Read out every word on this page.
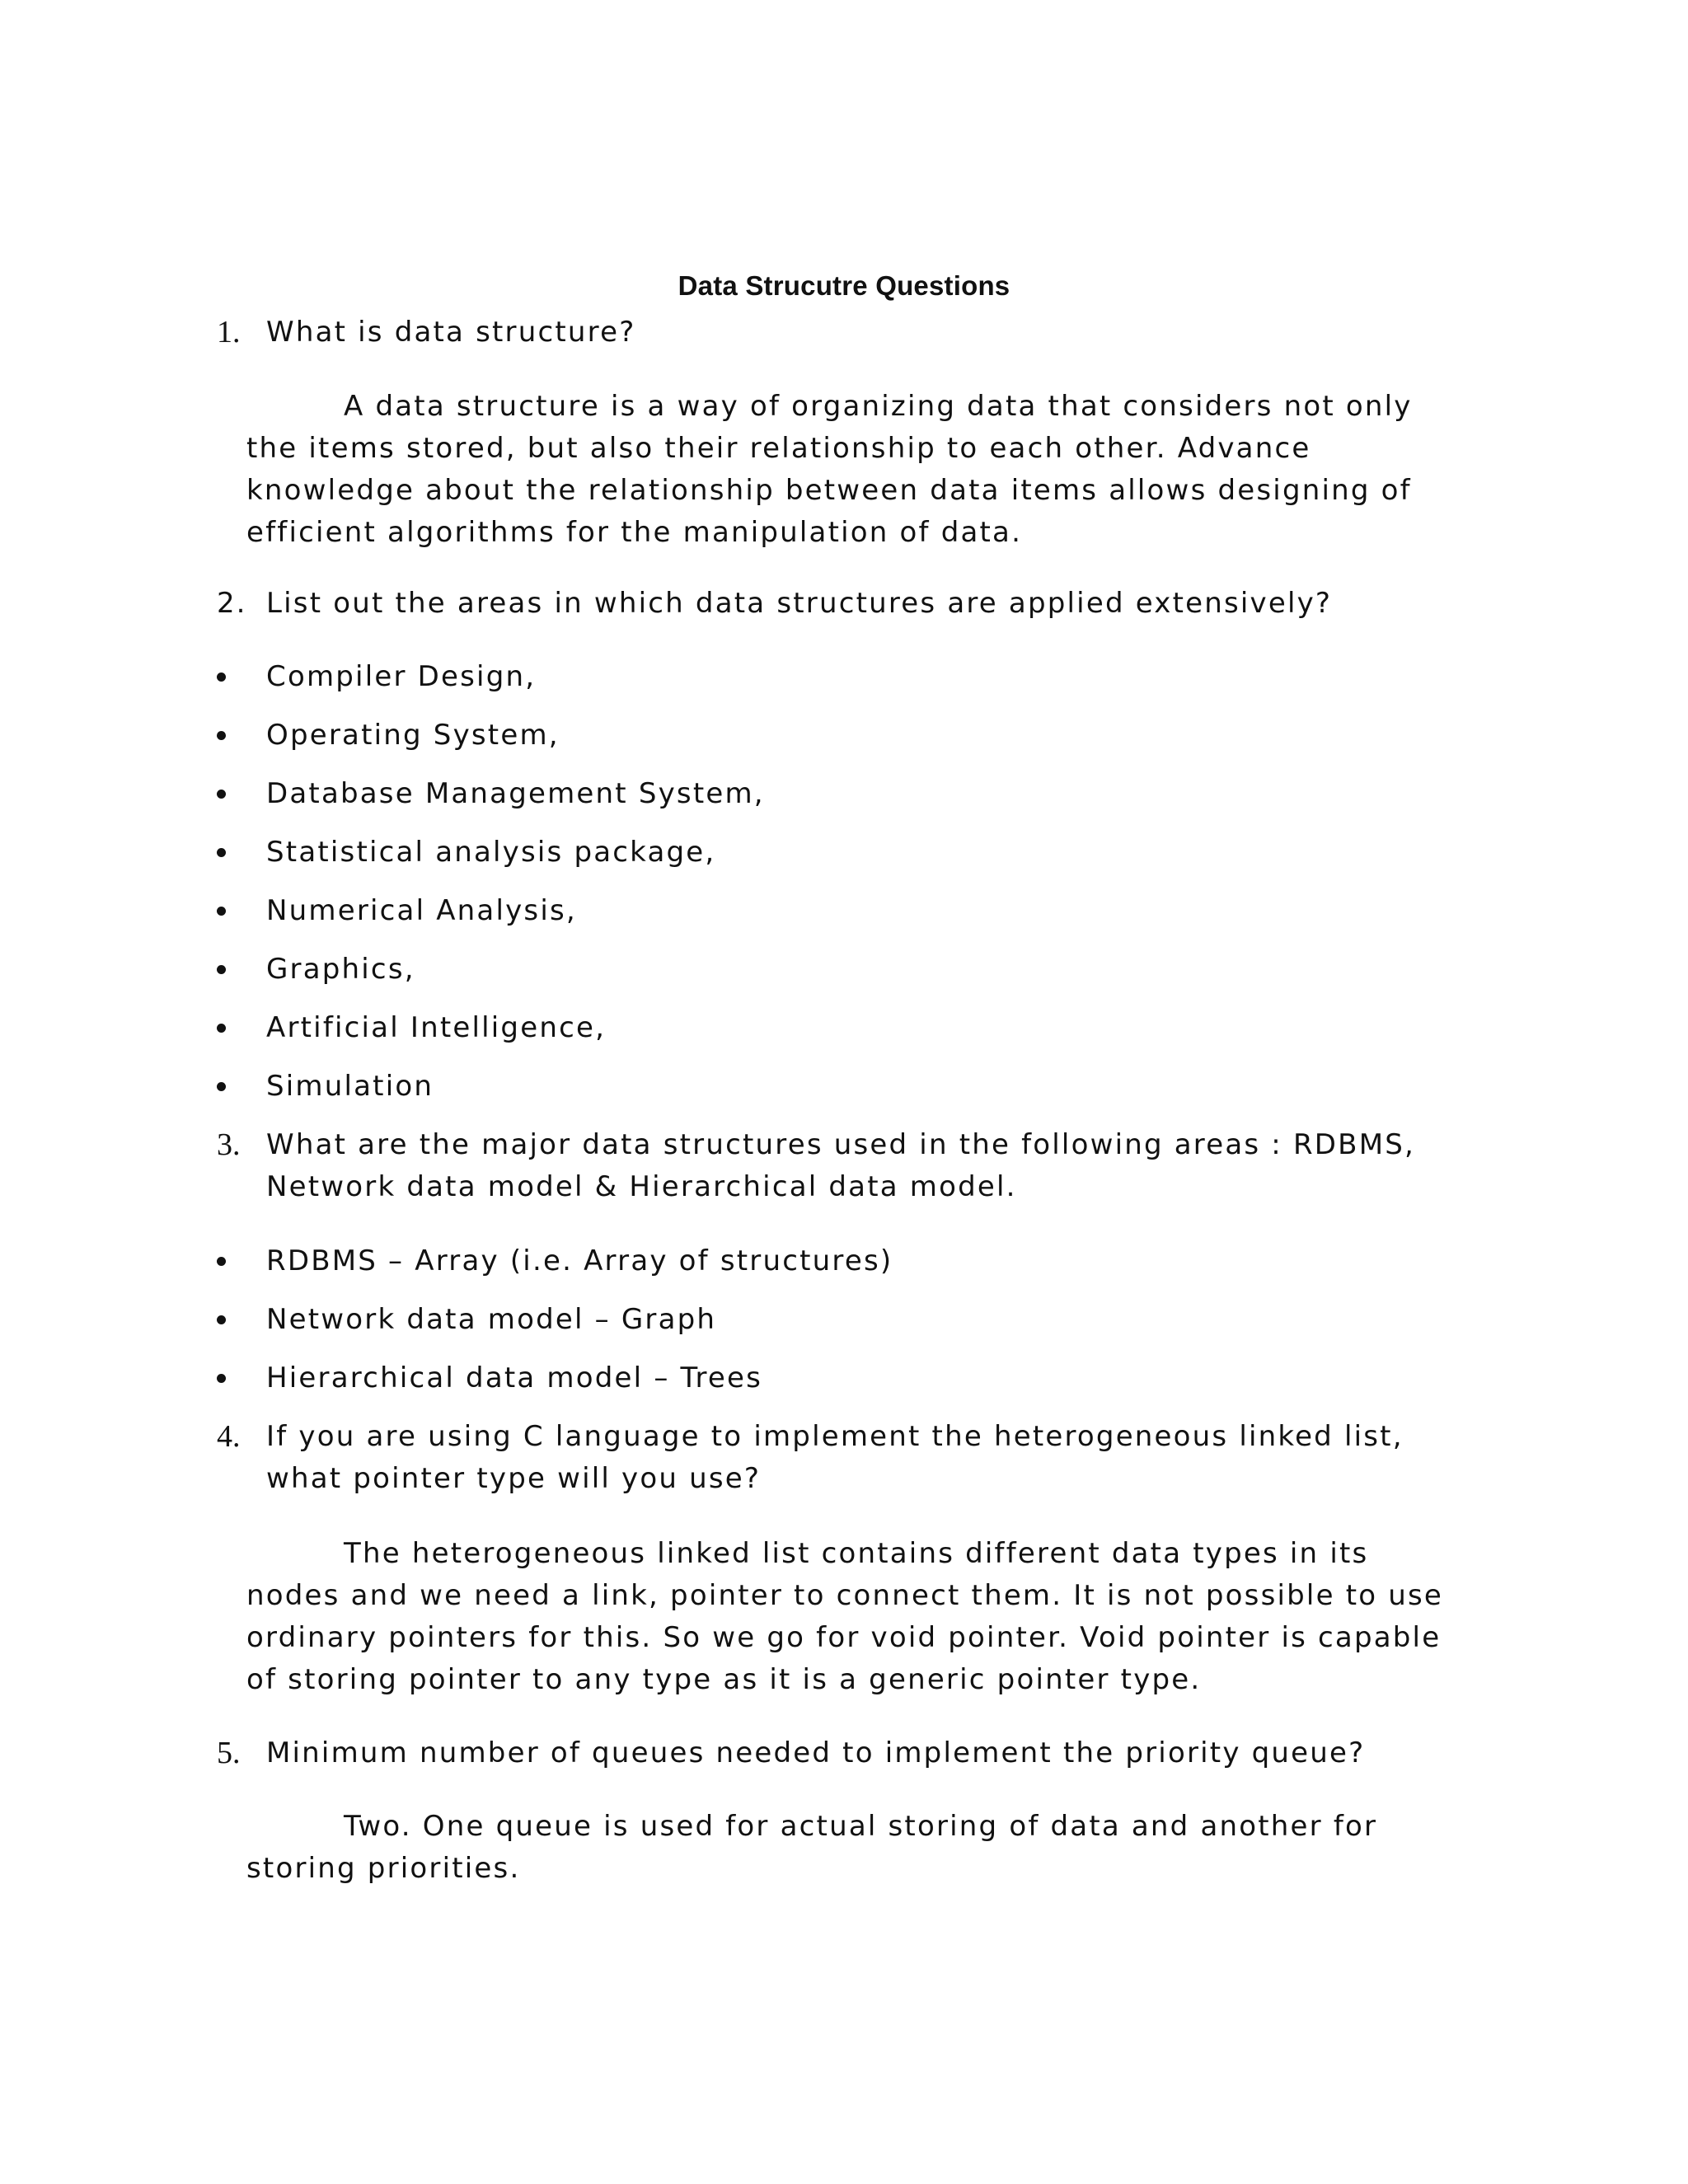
Data Strucutre Questions
1. What is data structure?
A data structure is a way of organizing data that considers not only the items stored, but also their relationship to each other. Advance knowledge about the relationship between data items allows designing of efficient algorithms for the manipulation of data.
2. List out the areas in which data structures are applied extensively?
Compiler Design,
Operating System,
Database Management System,
Statistical analysis package,
Numerical Analysis,
Graphics,
Artificial Intelligence,
Simulation
3. What are the major data structures used in the following areas : RDBMS, Network data model & Hierarchical data model.
RDBMS – Array (i.e. Array of structures)
Network data model – Graph
Hierarchical data model – Trees
4. If you are using C language to implement the heterogeneous linked list, what pointer type will you use?
The heterogeneous linked list contains different data types in its nodes and we need a link, pointer to connect them. It is not possible to use ordinary pointers for this. So we go for void pointer. Void pointer is capable of storing pointer to any type as it is a generic pointer type.
5. Minimum number of queues needed to implement the priority queue?
Two. One queue is used for actual storing of data and another for storing priorities.
